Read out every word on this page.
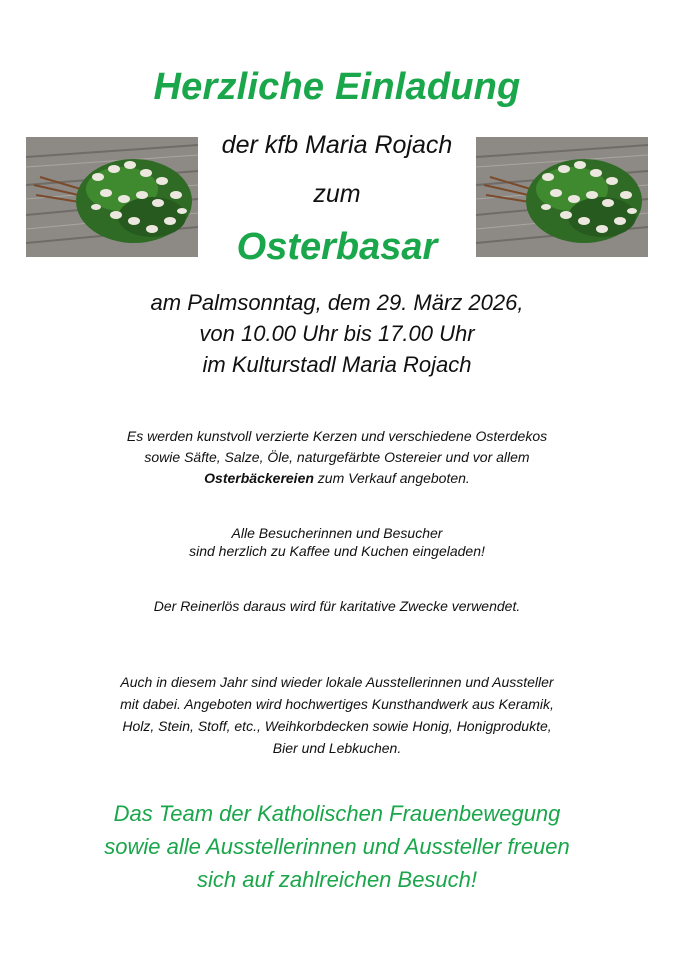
Herzliche Einladung
der kfb Maria Rojach
zum
Osterbasar
am Palmsonntag, dem 29. März 2026,
von 10.00 Uhr bis 17.00 Uhr
im Kulturstadl Maria Rojach
Es werden kunstvoll verzierte Kerzen und verschiedene Osterdekos
sowie Säfte, Salze, Öle, naturgefärbte Ostereier und vor allem
Osterbäckereien zum Verkauf angeboten.
Alle Besucherinnen und Besucher
sind herzlich zu Kaffee und Kuchen eingeladen!
Der Reinerlös daraus wird für karitative Zwecke verwendet.
Auch in diesem Jahr sind wieder lokale Ausstellerinnen und Aussteller
mit dabei. Angeboten wird hochwertiges Kunsthandwerk aus Keramik,
Holz, Stein, Stoff, etc., Weihkorbdecken sowie Honig, Honigprodukte,
Bier und Lebkuchen.
Das Team der Katholischen Frauenbewegung
sowie alle Ausstellerinnen und Aussteller freuen
sich auf zahlreichen Besuch!
